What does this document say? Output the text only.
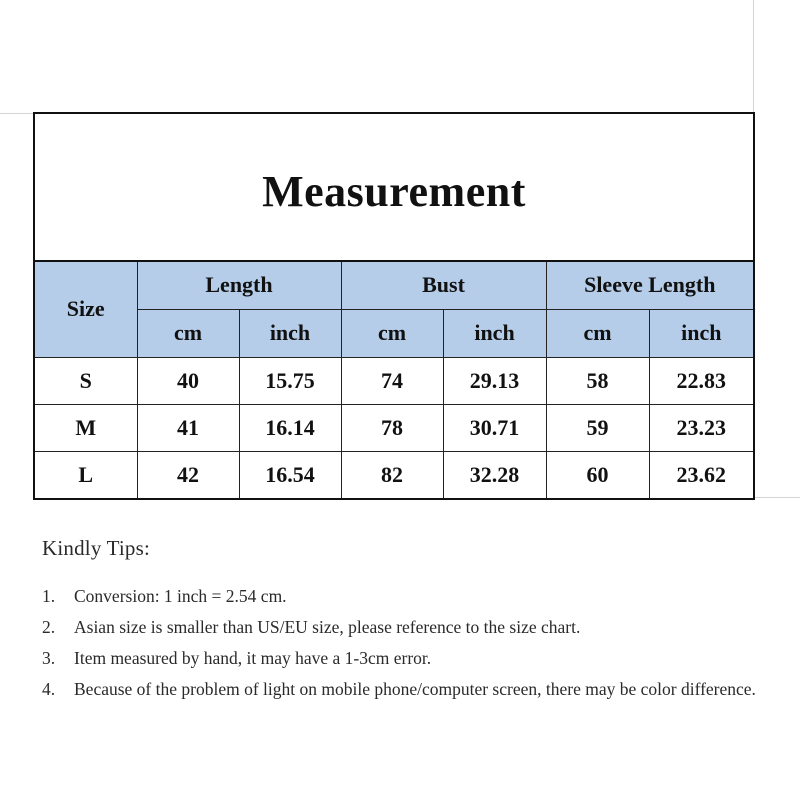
Measurement
Size	Length		Bust		Sleeve Length	
	cm	inch	cm	inch	cm	inch
S	40	15.75	74	29.13	58	22.83
M	41	16.14	78	30.71	59	23.23
L	42	16.54	82	32.28	60	23.62
Kindly Tips:
1.	Conversion: 1 inch = 2.54 cm.
2.	Asian size is smaller than US/EU size, please reference to the size chart.
3.	Item measured by hand, it may have a 1-3cm error.
4.	Because of the problem of light on mobile phone/computer screen, there may be color difference.
